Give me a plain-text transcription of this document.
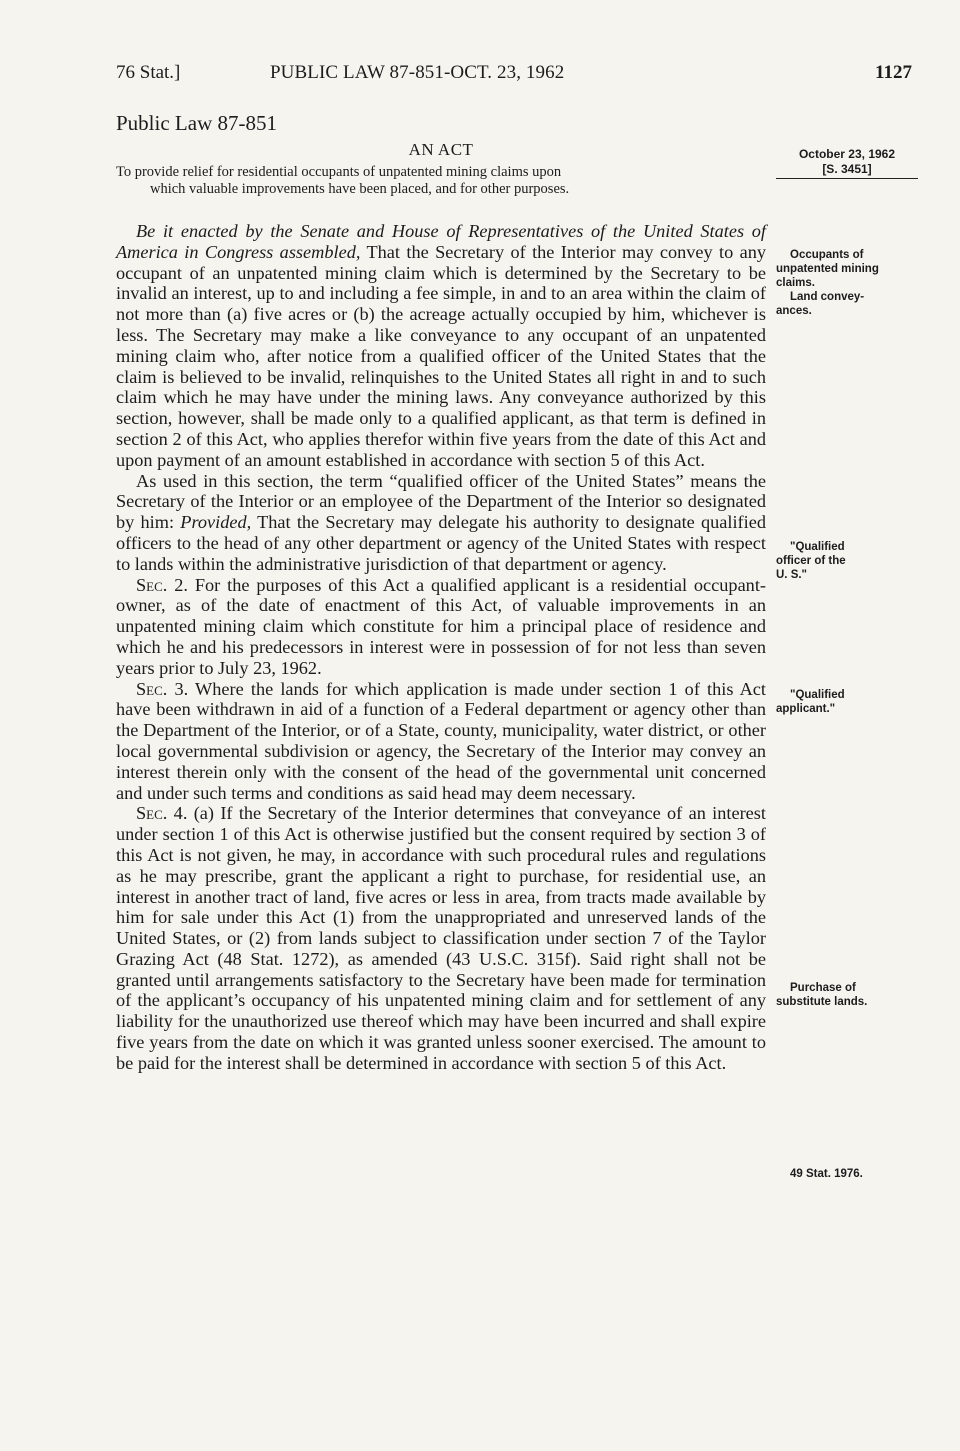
76 Stat.]	PUBLIC LAW 87-851-OCT. 23, 1962	1127
Public Law 87-851
AN ACT
To provide relief for residential occupants of unpatented mining claims upon
which valuable improvements have been placed, and for other purposes.
October 23, 1962
[S. 3451]
Occupants of
unpatented mining
claims.
Land convey-
ances.
"Qualified
officer of the
U. S."
"Qualified
applicant."
Purchase of
substitute lands.
49 Stat. 1976.

Be it enacted by the Senate and House of Representatives of the United States of America in Congress assembled, That the Secretary of the Interior may convey to any occupant of an unpatented mining claim which is determined by the Secretary to be invalid an interest, up to and including a fee simple, in and to an area within the claim of not more than (a) five acres or (b) the acreage actually occupied by him, whichever is less. The Secretary may make a like conveyance to any occupant of an unpatented mining claim who, after notice from a qualified officer of the United States that the claim is believed to be invalid, relinquishes to the United States all right in and to such claim which he may have under the mining laws. Any conveyance authorized by this section, however, shall be made only to a qualified applicant, as that term is defined in section 2 of this Act, who applies therefor within five years from the date of this Act and upon payment of an amount established in accordance with section 5 of this Act.

As used in this section, the term “qualified officer of the United States” means the Secretary of the Interior or an employee of the Department of the Interior so designated by him: Provided, That the Secretary may delegate his authority to designate qualified officers to the head of any other department or agency of the United States with respect to lands within the administrative jurisdiction of that department or agency.

Sec. 2. For the purposes of this Act a qualified applicant is a residential occupant-owner, as of the date of enactment of this Act, of valuable improvements in an unpatented mining claim which constitute for him a principal place of residence and which he and his predecessors in interest were in possession of for not less than seven years prior to July 23, 1962.

Sec. 3. Where the lands for which application is made under section 1 of this Act have been withdrawn in aid of a function of a Federal department or agency other than the Department of the Interior, or of a State, county, municipality, water district, or other local governmental subdivision or agency, the Secretary of the Interior may convey an interest therein only with the consent of the head of the governmental unit concerned and under such terms and conditions as said head may deem necessary.

Sec. 4. (a) If the Secretary of the Interior determines that conveyance of an interest under section 1 of this Act is otherwise justified but the consent required by section 3 of this Act is not given, he may, in accordance with such procedural rules and regulations as he may prescribe, grant the applicant a right to purchase, for residential use, an interest in another tract of land, five acres or less in area, from tracts made available by him for sale under this Act (1) from the unappropriated and unreserved lands of the United States, or (2) from lands subject to classification under section 7 of the Taylor Grazing Act (48 Stat. 1272), as amended (43 U.S.C. 315f). Said right shall not be granted until arrangements satisfactory to the Secretary have been made for termination of the applicant’s occupancy of his unpatented mining claim and for settlement of any liability for the unauthorized use thereof which may have been incurred and shall expire five years from the date on which it was granted unless sooner exercised. The amount to be paid for the interest shall be determined in accordance with section 5 of this Act.
